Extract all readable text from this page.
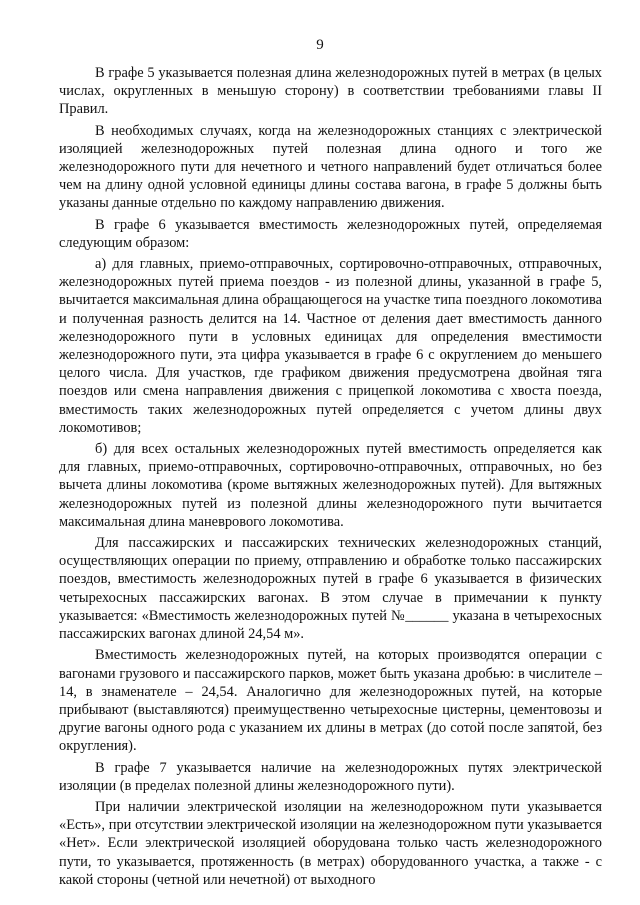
9

В графе 5 указывается полезная длина железнодорожных путей в метрах (в целых числах, округленных в меньшую сторону) в соответствии требованиями главы II Правил.

В необходимых случаях, когда на железнодорожных станциях с электрической изоляцией железнодорожных путей полезная длина одного и того же железнодорожного пути для нечетного и четного направлений будет отличаться более чем на длину одной условной единицы длины состава вагона, в графе 5 должны быть указаны данные отдельно по каждому направлению движения.

В графе 6 указывается вместимость железнодорожных путей, определяемая следующим образом:

а) для главных, приемо-отправочных, сортировочно-отправочных, отправочных, железнодорожных путей приема поездов - из полезной длины, указанной в графе 5, вычитается максимальная длина обращающегося на участке типа поездного локомотива и полученная разность делится на 14. Частное от деления дает вместимость данного железнодорожного пути в условных единицах для определения вместимости железнодорожного пути, эта цифра указывается в графе 6 с округлением до меньшего целого числа. Для участков, где графиком движения предусмотрена двойная тяга поездов или смена направления движения с прицепкой локомотива с хвоста поезда, вместимость таких железнодорожных путей определяется с учетом длины двух локомотивов;

б) для всех остальных железнодорожных путей вместимость определяется как для главных, приемо-отправочных, сортировочно-отправочных, отправочных, но без вычета длины локомотива (кроме вытяжных железнодорожных путей). Для вытяжных железнодорожных путей из полезной длины железнодорожного пути вычитается максимальная длина маневрового локомотива.

Для пассажирских и пассажирских технических железнодорожных станций, осуществляющих операции по приему, отправлению и обработке только пассажирских поездов, вместимость железнодорожных путей в графе 6 указывается в физических четырехосных пассажирских вагонах. В этом случае в примечании к пункту указывается: «Вместимость железнодорожных путей №______ указана в четырехосных пассажирских вагонах длиной 24,54 м».

Вместимость железнодорожных путей, на которых производятся операции с вагонами грузового и пассажирского парков, может быть указана дробью: в числителе – 14, в знаменателе – 24,54. Аналогично для железнодорожных путей, на которые прибывают (выставляются) преимущественно четырехосные цистерны, цементовозы и другие вагоны одного рода с указанием их длины в метрах (до сотой после запятой, без округления).

В графе 7 указывается наличие на железнодорожных путях электрической изоляции (в пределах полезной длины железнодорожного пути).

При наличии электрической изоляции на железнодорожном пути указывается «Есть», при отсутствии электрической изоляции на железнодорожном пути указывается «Нет». Если электрической изоляцией оборудована только часть железнодорожного пути, то указывается, протяженность (в метрах) оборудованного участка, а также - с какой стороны (четной или нечетной) от выходного
